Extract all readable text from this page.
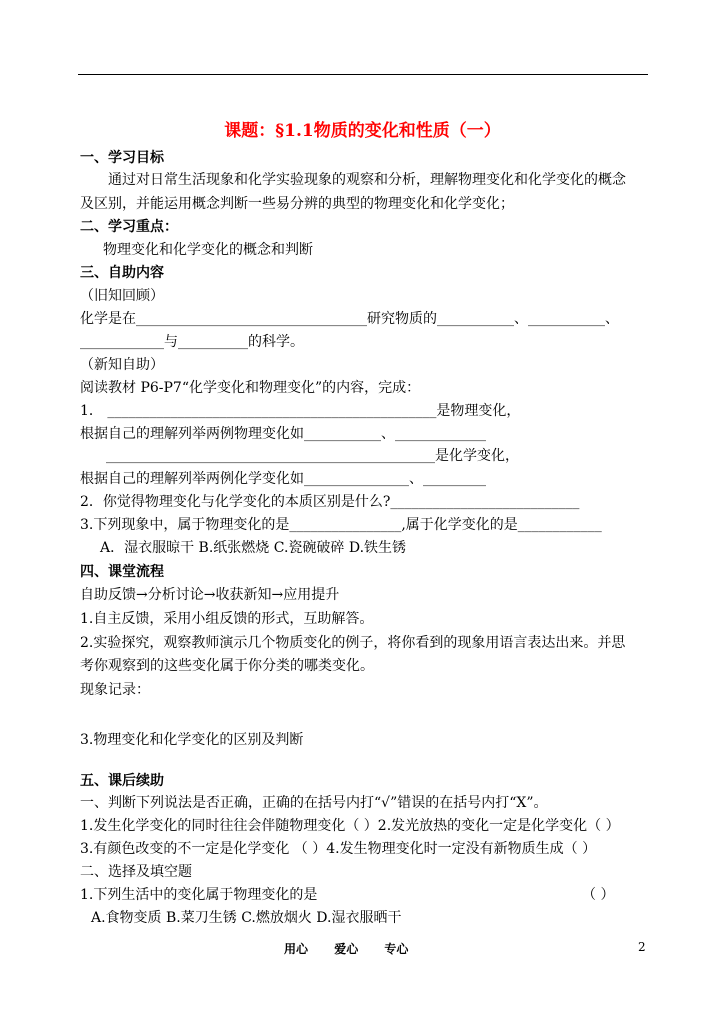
课题：§1.1物质的变化和性质（一）
一、学习目标
通过对日常生活现象和化学实验现象的观察和分析，理解物理变化和化学变化的概念
及区别，并能运用概念判断一些易分辨的典型的物理变化和化学变化；
二、学习重点：
物理变化和化学变化的概念和判断
三、自助内容
（旧知回顾）
化学是在_________________________________研究物质的___________、___________、
____________与__________的科学。
（新知自助）
阅读教材 P6-P7“化学变化和物理变化”的内容，完成：
1． _______________________________________________是物理变化，
根据自己的理解列举两例物理变化如___________、_____________
_______________________________________________是化学变化，
根据自己的理解列举两例化学变化如_______________、_________
2．你觉得物理变化与化学变化的本质区别是什么?___________________________
3.下列现象中，属于物理变化的是________________,属于化学变化的是____________
A．湿衣服晾干 B.纸张燃烧 C.瓷碗破碎 D.铁生锈
四、课堂流程
自助反馈→分析讨论→收获新知→应用提升
1.自主反馈，采用小组反馈的形式，互助解答。
2.实验探究，观察教师演示几个物质变化的例子，将你看到的现象用语言表达出来。并思
考你观察到的这些变化属于你分类的哪类变化。
现象记录：
3.物理变化和化学变化的区别及判断
五、课后续助
一、判断下列说法是否正确，正确的在括号内打“√”错误的在括号内打“X”。
1.发生化学变化的同时往往会伴随物理变化（ ）2.发光放热的变化一定是化学变化（ ）
3.有颜色改变的不一定是化学变化 （ ）4.发生物理变化时一定没有新物质生成（ ）
二、选择及填空题
1.下列生活中的变化属于物理变化的是	（ ）
A.食物变质 B.菜刀生锈 C.燃放烟火 D.湿衣服晒干
用心 爱心 专心	2
